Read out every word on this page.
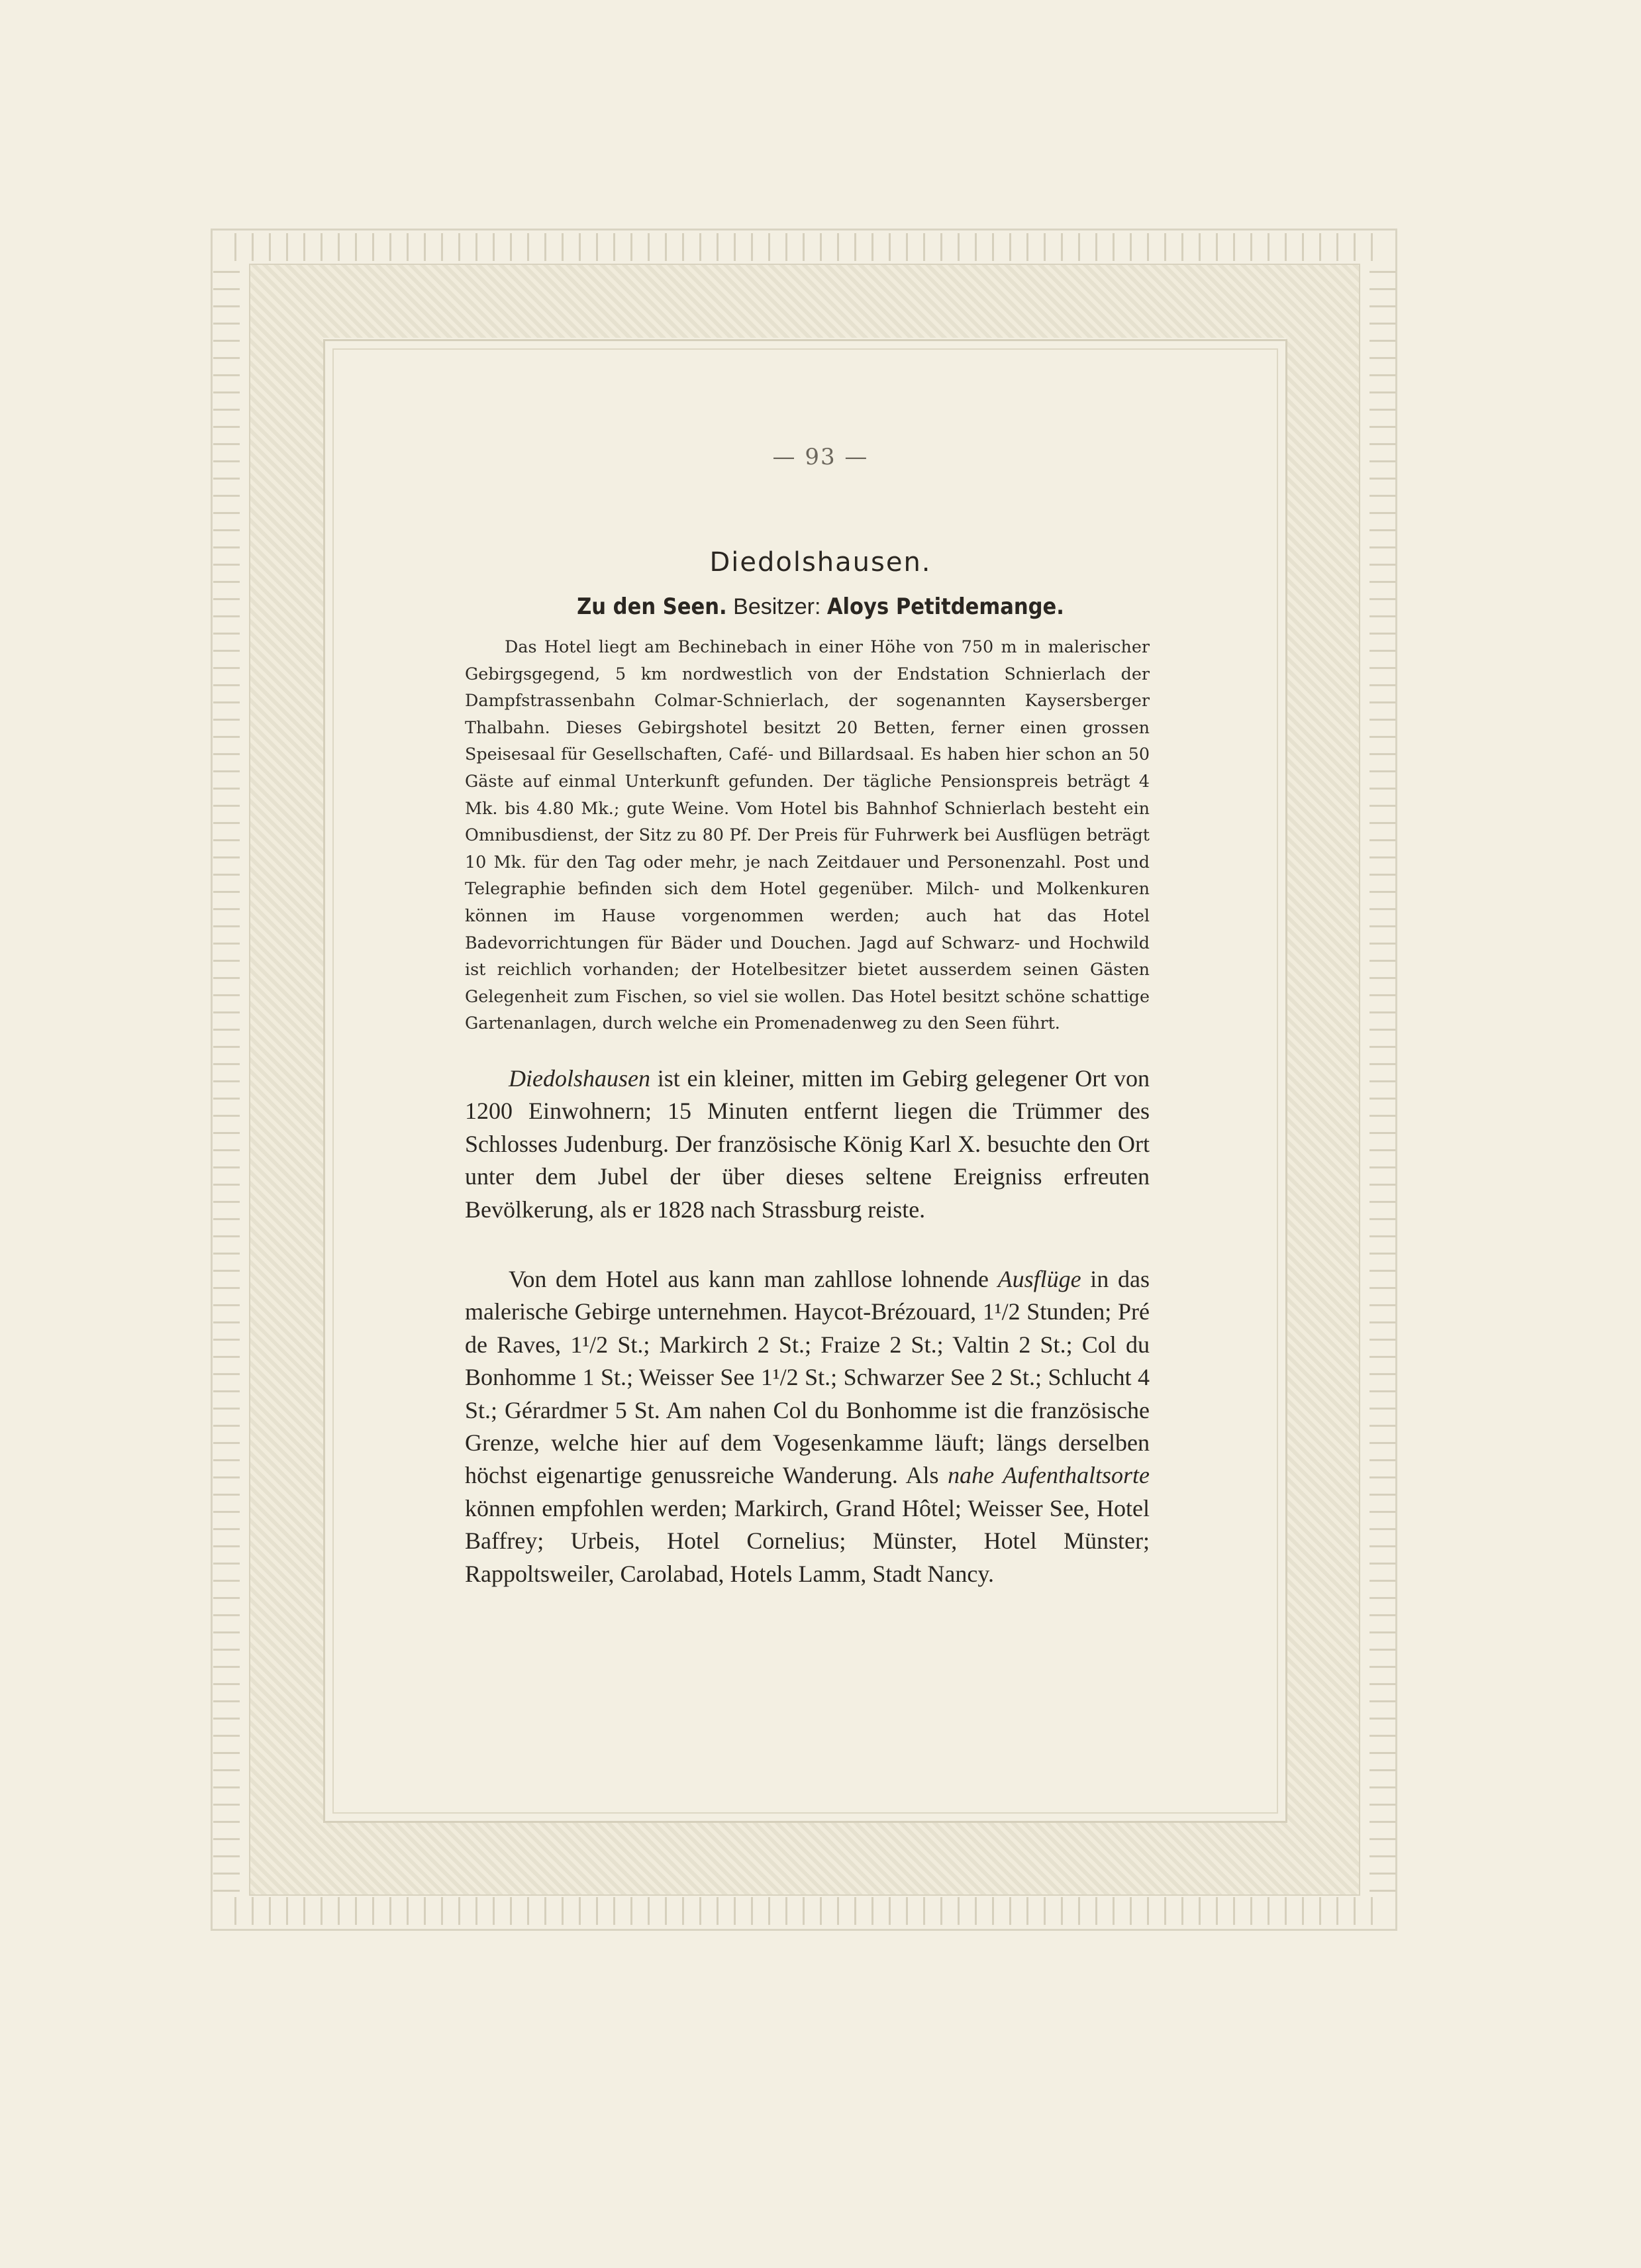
— 93 —
Diedolshausen.
Zu den Seen. Besitzer: Aloys Petitdemange.
Das Hotel liegt am Bechinebach in einer Höhe von 750 m in malerischer Gebirgsgegend, 5 km nordwestlich von der Endstation Schnierlach der Dampfstrassenbahn Colmar-Schnierlach, der sogenannten Kaysersberger Thalbahn. Dieses Gebirgshotel besitzt 20 Betten, ferner einen grossen Speisesaal für Gesellschaften, Café- und Billardsaal. Es haben hier schon an 50 Gäste auf einmal Unterkunft gefunden. Der tägliche Pensionspreis beträgt 4 Mk. bis 4.80 Mk.; gute Weine. Vom Hotel bis Bahnhof Schnierlach besteht ein Omnibusdienst, der Sitz zu 80 Pf. Der Preis für Fuhrwerk bei Ausflügen beträgt 10 Mk. für den Tag oder mehr, je nach Zeitdauer und Personenzahl. Post und Telegraphie befinden sich dem Hotel gegenüber. Milch- und Molkenkuren können im Hause vorgenommen werden; auch hat das Hotel Badevorrichtungen für Bäder und Douchen. Jagd auf Schwarz- und Hochwild ist reichlich vorhanden; der Hotelbesitzer bietet ausserdem seinen Gästen Gelegenheit zum Fischen, so viel sie wollen. Das Hotel besitzt schöne schattige Gartenanlagen, durch welche ein Promenadenweg zu den Seen führt.
Diedolshausen ist ein kleiner, mitten im Gebirg gelegener Ort von 1200 Einwohnern; 15 Minuten entfernt liegen die Trümmer des Schlosses Judenburg. Der französische König Karl X. besuchte den Ort unter dem Jubel der über dieses seltene Ereigniss erfreuten Bevölkerung, als er 1828 nach Strassburg reiste.
Von dem Hotel aus kann man zahllose lohnende Ausflüge in das malerische Gebirge unternehmen. Haycot-Brézouard, 1¹/2 Stunden; Pré de Raves, 1¹/2 St.; Markirch 2 St.; Fraize 2 St.; Valtin 2 St.; Col du Bonhomme 1 St.; Weisser See 1¹/2 St.; Schwarzer See 2 St.; Schlucht 4 St.; Gérardmer 5 St. Am nahen Col du Bonhomme ist die französische Grenze, welche hier auf dem Vogesenkamme läuft; längs derselben höchst eigenartige genussreiche Wanderung. Als nahe Aufenthaltsorte können empfohlen werden; Markirch, Grand Hôtel; Weisser See, Hotel Baffrey; Urbeis, Hotel Cornelius; Münster, Hotel Münster; Rappoltsweiler, Carolabad, Hotels Lamm, Stadt Nancy.
